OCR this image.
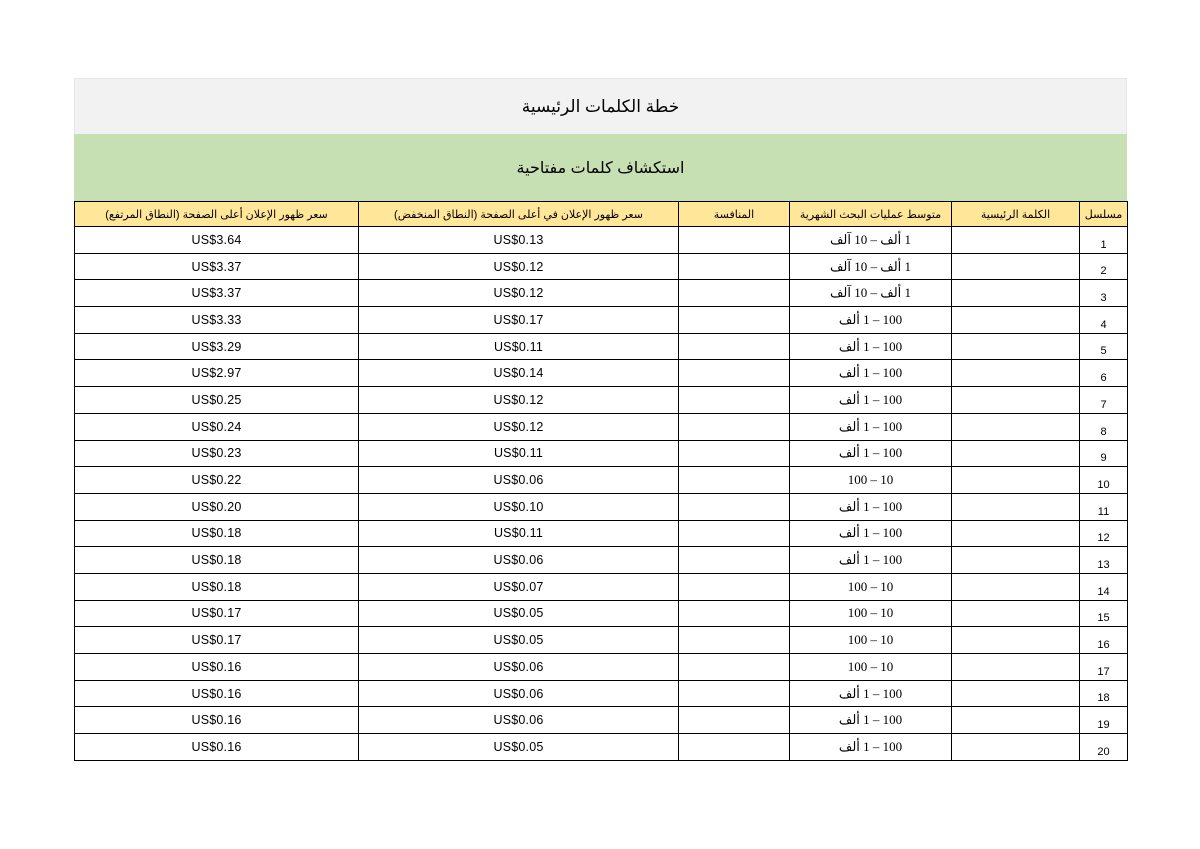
خطة الكلمات الرئيسية
استكشاف كلمات مفتاحية
سعر ظهور الإعلان أعلى الصفحة (النطاق المرتفع)	سعر ظهور الإعلان في أعلى الصفحة (النطاق المنخفض)	المنافسة	متوسط عمليات البحث الشهرية	الكلمة الرئيسية	مسلسل
US$3.64	US$0.13		1 ألف – 10 آلف		1
US$3.37	US$0.12		1 ألف – 10 آلف		2
US$3.37	US$0.12		1 ألف – 10 آلف		3
US$3.33	US$0.17		100 – 1 ألف		4
US$3.29	US$0.11		100 – 1 ألف		5
US$2.97	US$0.14		100 – 1 ألف		6
US$0.25	US$0.12		100 – 1 ألف		7
US$0.24	US$0.12		100 – 1 ألف		8
US$0.23	US$0.11		100 – 1 ألف		9
US$0.22	US$0.06		10 – 100		10
US$0.20	US$0.10		100 – 1 ألف		11
US$0.18	US$0.11		100 – 1 ألف		12
US$0.18	US$0.06		100 – 1 ألف		13
US$0.18	US$0.07		10 – 100		14
US$0.17	US$0.05		10 – 100		15
US$0.17	US$0.05		10 – 100		16
US$0.16	US$0.06		10 – 100		17
US$0.16	US$0.06		100 – 1 ألف		18
US$0.16	US$0.06		100 – 1 ألف		19
US$0.16	US$0.05		100 – 1 ألف		20
